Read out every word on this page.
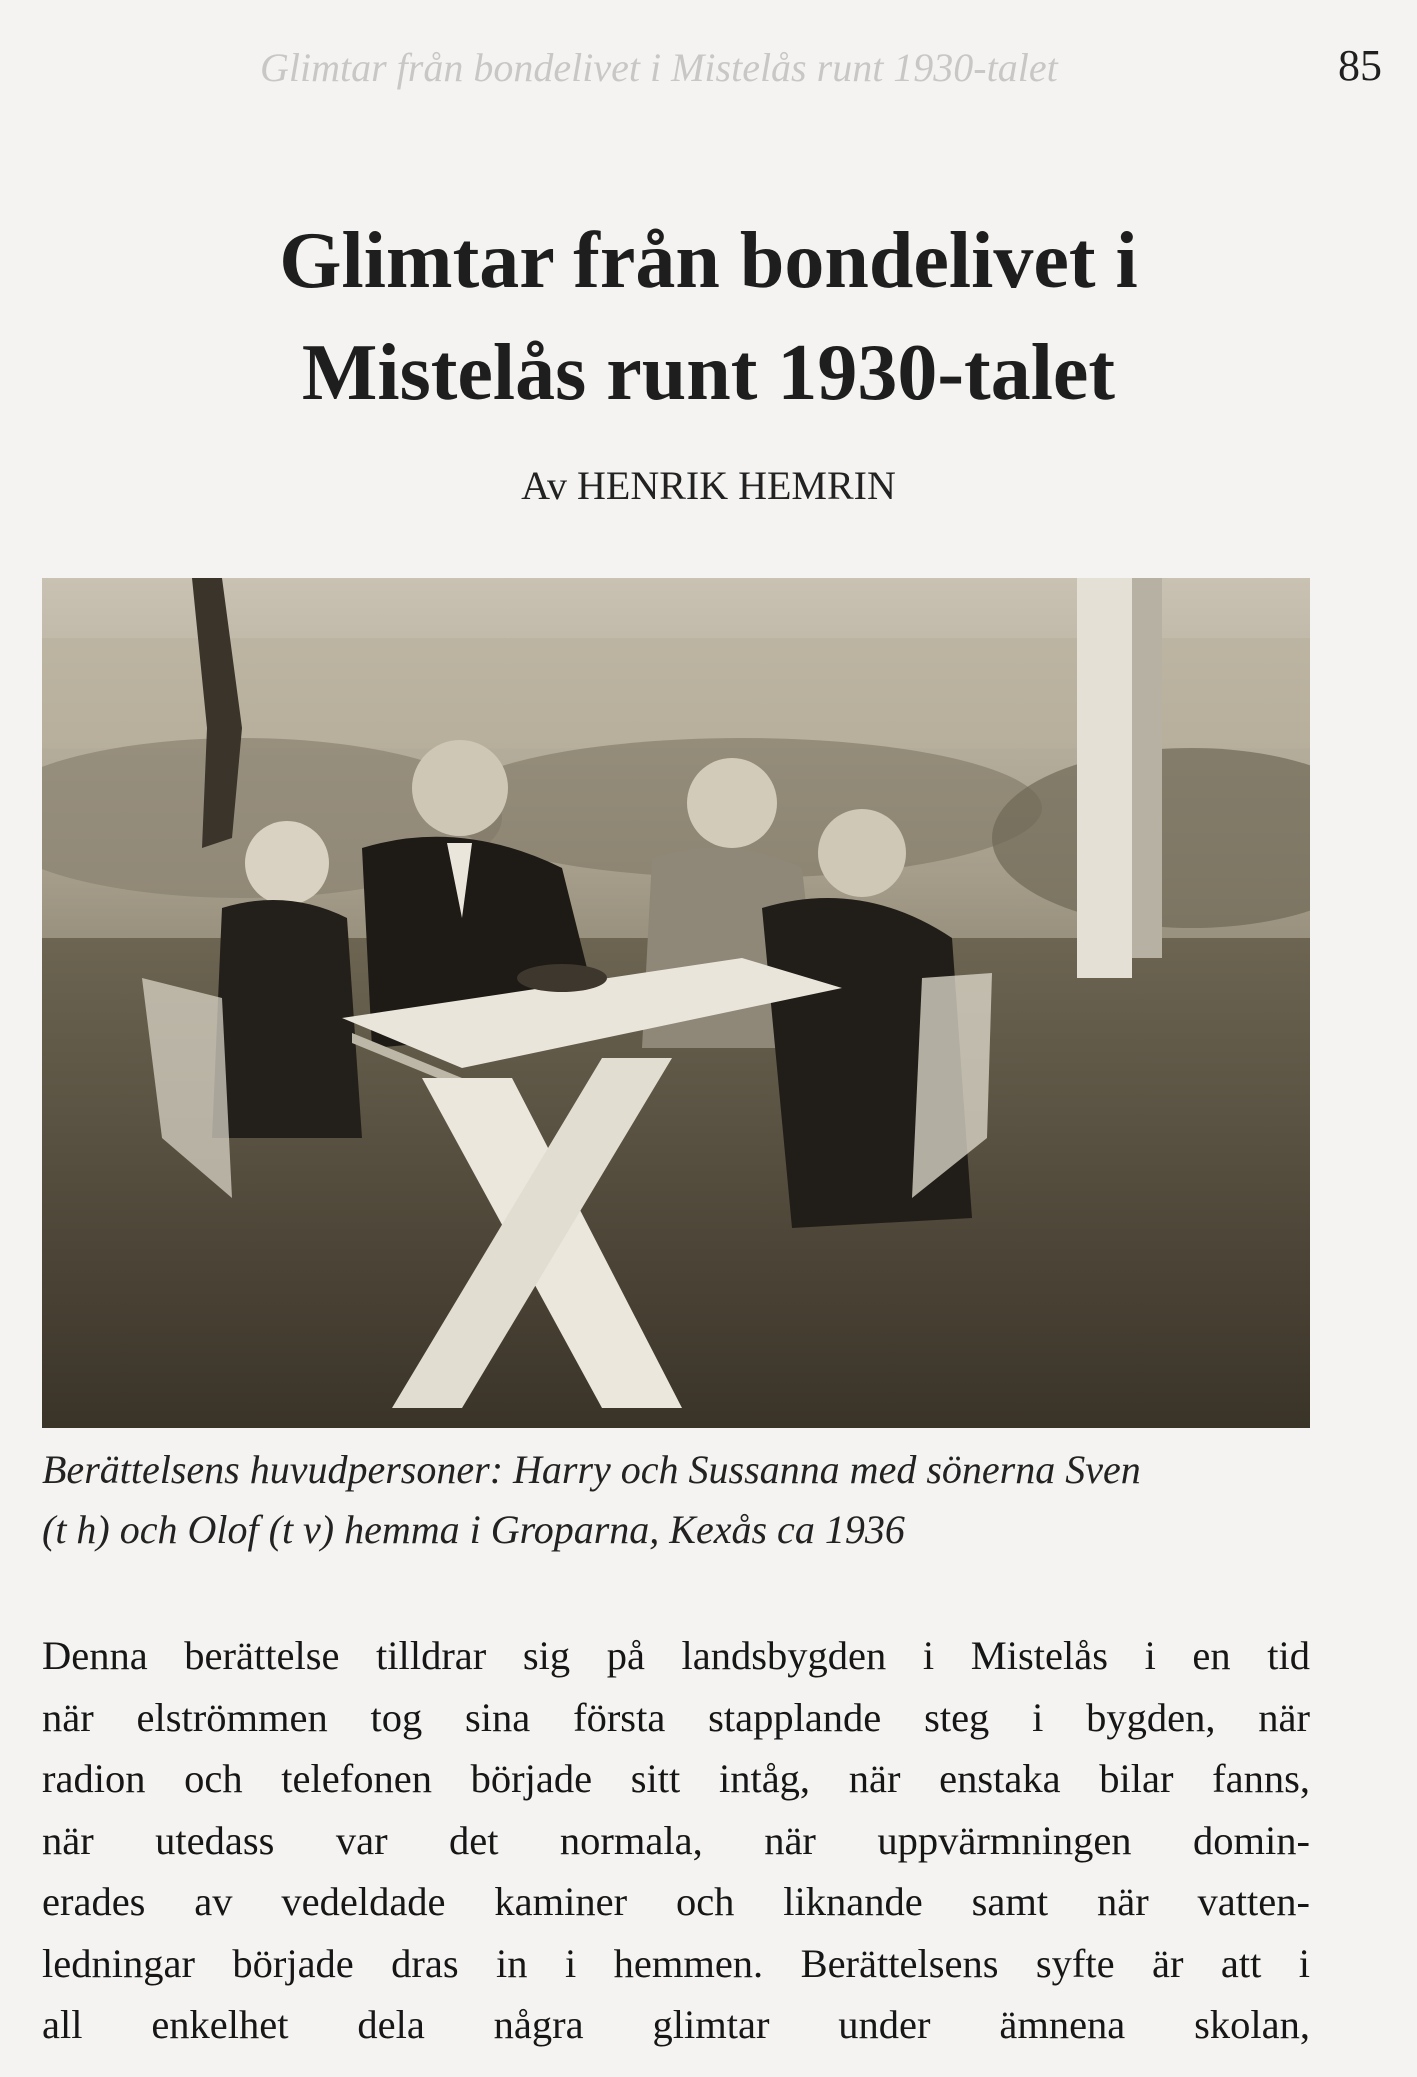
Glimtar från bondelivet i Mistelås runt 1930-talet	85
Glimtar från bondelivet i
Mistelås runt 1930-talet
Av HENRIK HEMRIN
Berättelsens huvudpersoner: Harry och Sussanna med sönerna Sven
(t h) och Olof (t v) hemma i Groparna, Kexås ca 1936
Denna berättelse tilldrar sig på landsbygden i Mistelås i en tid
när elströmmen tog sina första stapplande steg i bygden, när
radion och telefonen började sitt intåg, när enstaka bilar fanns,
när utedass var det normala, när uppvärmningen domin-
erades av vedeldade kaminer och liknande samt när vatten-
ledningar började dras in i hemmen. Berättelsens syfte är att i
all enkelhet dela några glimtar under ämnena skolan,
